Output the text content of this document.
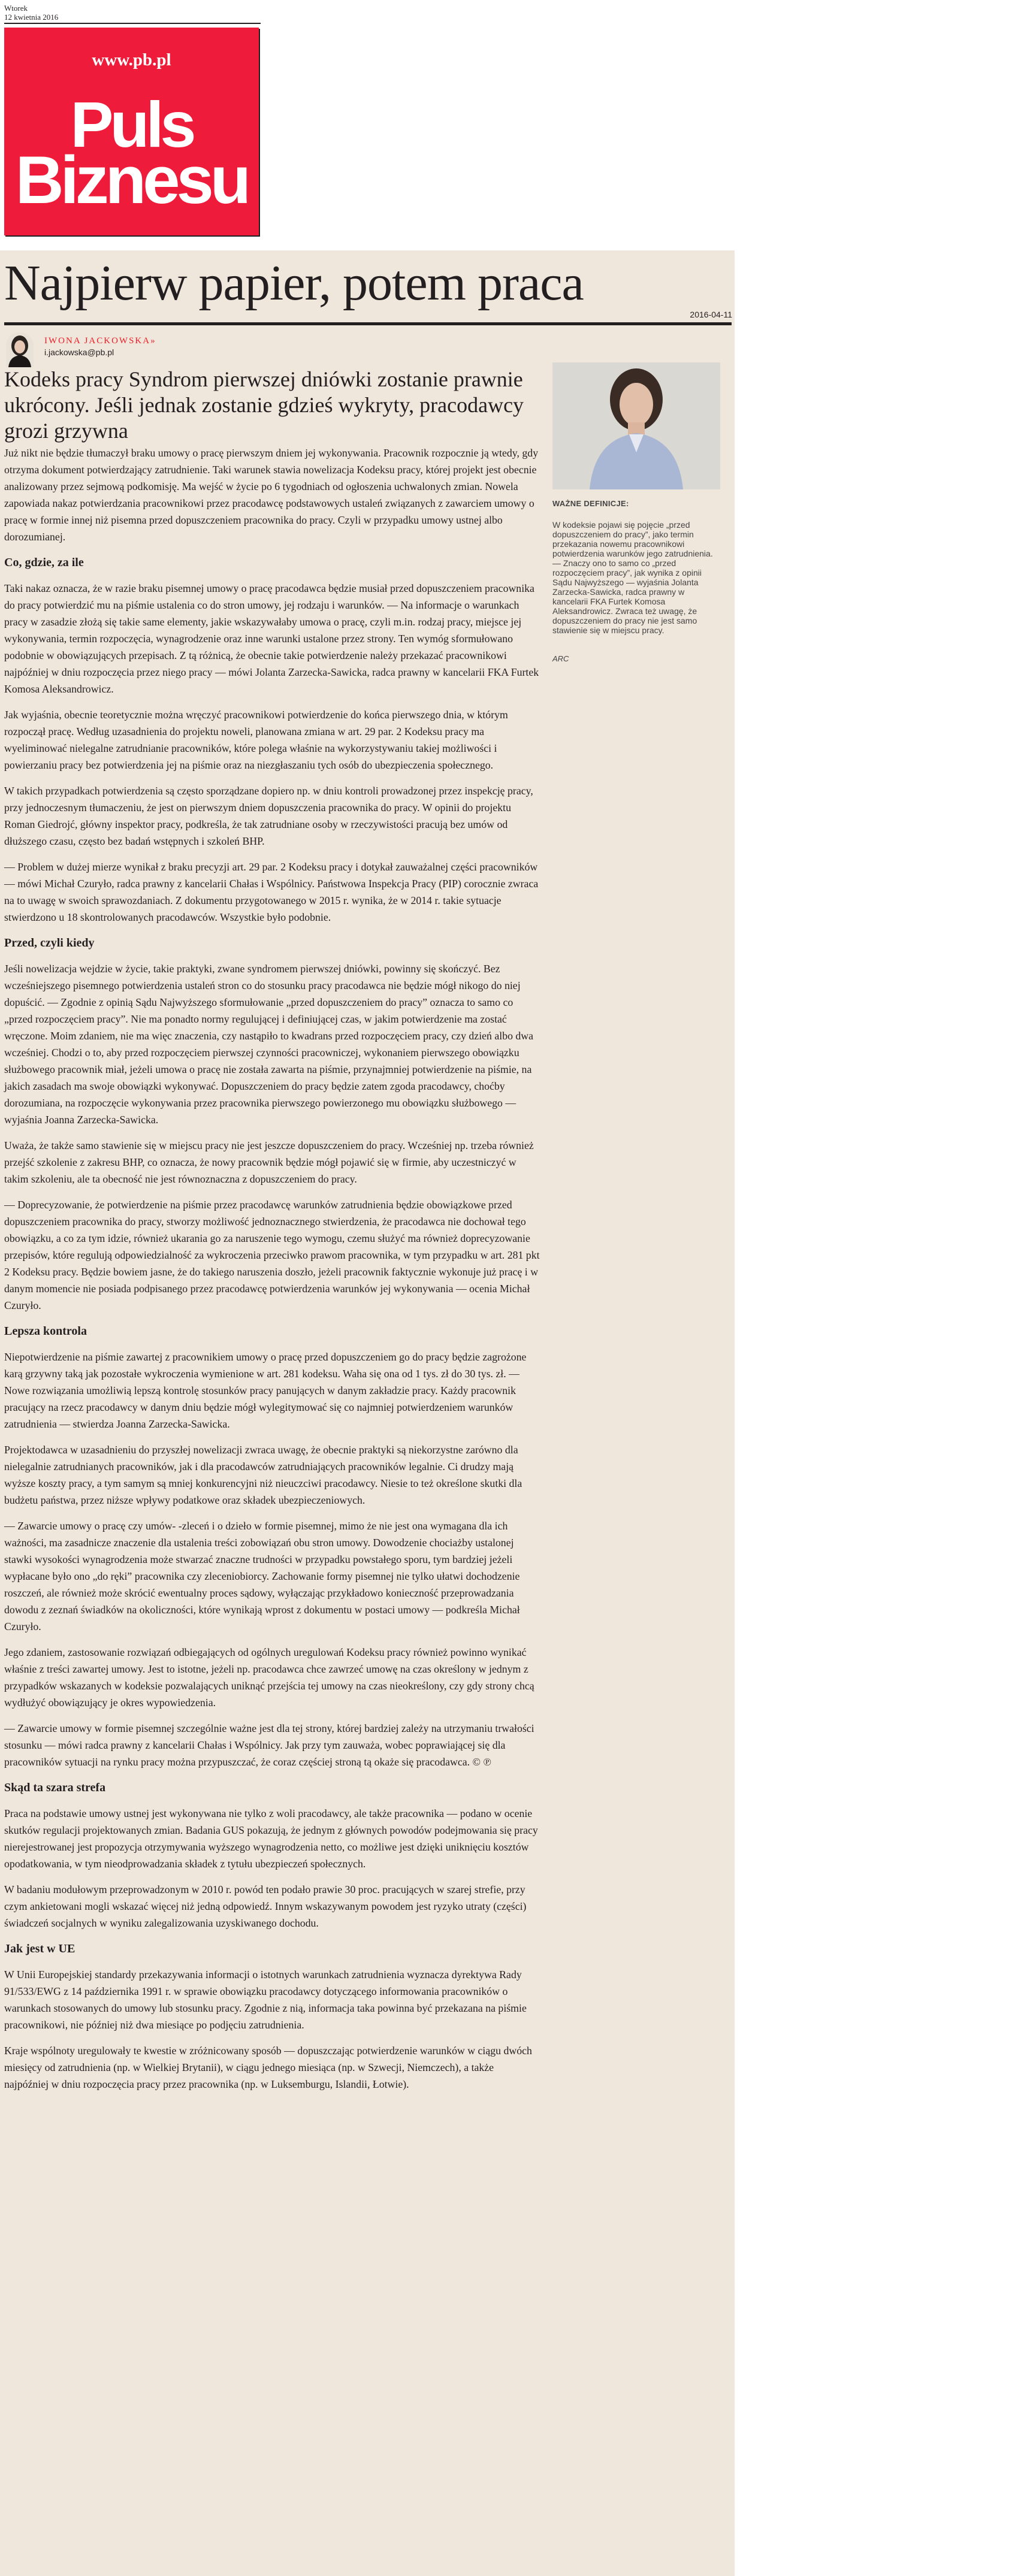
Wtorek
12 kwietnia 2016
www.pb.pl
Puls
Biznesu
Najpierw papier, potem praca
2016-04-11
IWONA JACKOWSKA»
i.jackowska@pb.pl
Kodeks pracy Syndrom pierwszej dniówki zostanie prawnie ukrócony. Jeśli jednak zostanie gdzieś wykryty, pracodawcy grozi grzywna
WAŻNE DEFINICJE:
W kodeksie pojawi się pojęcie „przed dopuszczeniem do pracy”, jako termin przekazania nowemu pracownikowi potwierdzenia warunków jego zatrudnienia. — Znaczy ono to samo co „przed rozpoczęciem pracy”, jak wynika z opinii Sądu Najwyższego — wyjaśnia Jolanta Zarzecka-Sawicka, radca prawny w kancelarii FKA Furtek Komosa Aleksandrowicz. Zwraca też uwagę, że dopuszczeniem do pracy nie jest samo stawienie się w miejscu pracy.
ARC

Już nikt nie będzie tłumaczył braku umowy o pracę pierwszym dniem jej wykonywania. Pracownik rozpocznie ją wtedy, gdy otrzyma dokument potwierdzający zatrudnienie. Taki warunek stawia nowelizacja Kodeksu pracy, której projekt jest obecnie analizowany przez sejmową podkomisję. Ma wejść w życie po 6 tygodniach od ogłoszenia uchwalonych zmian. Nowela zapowiada nakaz potwierdzania pracownikowi przez pracodawcę podstawowych ustaleń związanych z zawarciem umowy o pracę w formie innej niż pisemna przed dopuszczeniem pracownika do pracy. Czyli w przypadku umowy ustnej albo dorozumianej.

Co, gdzie, za ile

Taki nakaz oznacza, że w razie braku pisemnej umowy o pracę pracodawca będzie musiał przed dopuszczeniem pracownika do pracy potwierdzić mu na piśmie ustalenia co do stron umowy, jej rodzaju i warunków. — Na informacje o warunkach pracy w zasadzie złożą się takie same elementy, jakie wskazywałaby umowa o pracę, czyli m.in. rodzaj pracy, miejsce jej wykonywania, termin rozpoczęcia, wynagrodzenie oraz inne warunki ustalone przez strony. Ten wymóg sformułowano podobnie w obowiązujących przepisach. Z tą różnicą, że obecnie takie potwierdzenie należy przekazać pracownikowi najpóźniej w dniu rozpoczęcia przez niego pracy — mówi Jolanta Zarzecka-Sawicka, radca prawny w kancelarii FKA Furtek Komosa Aleksandrowicz.

Jak wyjaśnia, obecnie teoretycznie można wręczyć pracownikowi potwierdzenie do końca pierwszego dnia, w którym rozpoczął pracę. Według uzasadnienia do projektu noweli, planowana zmiana w art. 29 par. 2 Kodeksu pracy ma wyeliminować nielegalne zatrudnianie pracowników, które polega właśnie na wykorzystywaniu takiej możliwości i powierzaniu pracy bez potwierdzenia jej na piśmie oraz na niezgłaszaniu tych osób do ubezpieczenia społecznego.

W takich przypadkach potwierdzenia są często sporządzane dopiero np. w dniu kontroli prowadzonej przez inspekcję pracy, przy jednoczesnym tłumaczeniu, że jest on pierwszym dniem dopuszczenia pracownika do pracy. W opinii do projektu Roman Giedrojć, główny inspektor pracy, podkreśla, że tak zatrudniane osoby w rzeczywistości pracują bez umów od dłuższego czasu, często bez badań wstępnych i szkoleń BHP.

— Problem w dużej mierze wynikał z braku precyzji art. 29 par. 2 Kodeksu pracy i dotykał zauważalnej części pracowników — mówi Michał Czuryło, radca prawny z kancelarii Chałas i Wspólnicy. Państwowa Inspekcja Pracy (PIP) corocznie zwraca na to uwagę w swoich sprawozdaniach. Z dokumentu przygotowanego w 2015 r. wynika, że w 2014 r. takie sytuacje stwierdzono u 18 skontrolowanych pracodawców. Wszystkie było podobnie.

Przed, czyli kiedy

Jeśli nowelizacja wejdzie w życie, takie praktyki, zwane syndromem pierwszej dniówki, powinny się skończyć. Bez wcześniejszego pisemnego potwierdzenia ustaleń stron co do stosunku pracy pracodawca nie będzie mógł nikogo do niej dopuścić. — Zgodnie z opinią Sądu Najwyższego sformułowanie „przed dopuszczeniem do pracy” oznacza to samo co „przed rozpoczęciem pracy”. Nie ma ponadto normy regulującej i definiującej czas, w jakim potwierdzenie ma zostać wręczone. Moim zdaniem, nie ma więc znaczenia, czy nastąpiło to kwadrans przed rozpoczęciem pracy, czy dzień albo dwa wcześniej. Chodzi o to, aby przed rozpoczęciem pierwszej czynności pracowniczej, wykonaniem pierwszego obowiązku służbowego pracownik miał, jeżeli umowa o pracę nie została zawarta na piśmie, przynajmniej potwierdzenie na piśmie, na jakich zasadach ma swoje obowiązki wykonywać. Dopuszczeniem do pracy będzie zatem zgoda pracodawcy, choćby dorozumiana, na rozpoczęcie wykonywania przez pracownika pierwszego powierzonego mu obowiązku służbowego — wyjaśnia Joanna Zarzecka-Sawicka.

Uważa, że także samo stawienie się w miejscu pracy nie jest jeszcze dopuszczeniem do pracy. Wcześniej np. trzeba również przejść szkolenie z zakresu BHP, co oznacza, że nowy pracownik będzie mógł pojawić się w firmie, aby uczestniczyć w takim szkoleniu, ale ta obecność nie jest równoznaczna z dopuszczeniem do pracy.

— Doprecyzowanie, że potwierdzenie na piśmie przez pracodawcę warunków zatrudnienia będzie obowiązkowe przed dopuszczeniem pracownika do pracy, stworzy możliwość jednoznacznego stwierdzenia, że pracodawca nie dochował tego obowiązku, a co za tym idzie, również ukarania go za naruszenie tego wymogu, czemu służyć ma również doprecyzowanie przepisów, które regulują odpowiedzialność za wykroczenia przeciwko prawom pracownika, w tym przypadku w art. 281 pkt 2 Kodeksu pracy. Będzie bowiem jasne, że do takiego naruszenia doszło, jeżeli pracownik faktycznie wykonuje już pracę i w danym momencie nie posiada podpisanego przez pracodawcę potwierdzenia warunków jej wykonywania — ocenia Michał Czuryło.

Lepsza kontrola

Niepotwierdzenie na piśmie zawartej z pracownikiem umowy o pracę przed dopuszczeniem go do pracy będzie zagrożone karą grzywny taką jak pozostałe wykroczenia wymienione w art. 281 kodeksu. Waha się ona od 1 tys. zł do 30 tys. zł. — Nowe rozwiązania umożliwią lepszą kontrolę stosunków pracy panujących w danym zakładzie pracy. Każdy pracownik pracujący na rzecz pracodawcy w danym dniu będzie mógł wylegitymować się co najmniej potwierdzeniem warunków zatrudnienia — stwierdza Joanna Zarzecka-Sawicka.

Projektodawca w uzasadnieniu do przyszłej nowelizacji zwraca uwagę, że obecnie praktyki są niekorzystne zarówno dla nielegalnie zatrudnianych pracowników, jak i dla pracodawców zatrudniających pracowników legalnie. Ci drudzy mają wyższe koszty pracy, a tym samym są mniej konkurencyjni niż nieuczciwi pracodawcy. Niesie to też określone skutki dla budżetu państwa, przez niższe wpływy podatkowe oraz składek ubezpieczeniowych.

— Zawarcie umowy o pracę czy umów- -zleceń i o dzieło w formie pisemnej, mimo że nie jest ona wymagana dla ich ważności, ma zasadnicze znaczenie dla ustalenia treści zobowiązań obu stron umowy. Dowodzenie chociażby ustalonej stawki wysokości wynagrodzenia może stwarzać znaczne trudności w przypadku powstałego sporu, tym bardziej jeżeli wypłacane było ono „do ręki” pracownika czy zleceniobiorcy. Zachowanie formy pisemnej nie tylko ułatwi dochodzenie roszczeń, ale również może skrócić ewentualny proces sądowy, wyłączając przykładowo konieczność przeprowadzania dowodu z zeznań świadków na okoliczności, które wynikają wprost z dokumentu w postaci umowy — podkreśla Michał Czuryło.

Jego zdaniem, zastosowanie rozwiązań odbiegających od ogólnych uregulowań Kodeksu pracy również powinno wynikać właśnie z treści zawartej umowy. Jest to istotne, jeżeli np. pracodawca chce zawrzeć umowę na czas określony w jednym z przypadków wskazanych w kodeksie pozwalających uniknąć przejścia tej umowy na czas nieokreślony, czy gdy strony chcą wydłużyć obowiązujący je okres wypowiedzenia.

— Zawarcie umowy w formie pisemnej szczególnie ważne jest dla tej strony, której bardziej zależy na utrzymaniu trwałości stosunku — mówi radca prawny z kancelarii Chałas i Wspólnicy. Jak przy tym zauważa, wobec poprawiającej się dla pracowników sytuacji na rynku pracy można przypuszczać, że coraz częściej stroną tą okaże się pracodawca. © ℗

Skąd ta szara strefa

Praca na podstawie umowy ustnej jest wykonywana nie tylko z woli pracodawcy, ale także pracownika — podano w ocenie skutków regulacji projektowanych zmian. Badania GUS pokazują, że jednym z głównych powodów podejmowania się pracy nierejestrowanej jest propozycja otrzymywania wyższego wynagrodzenia netto, co możliwe jest dzięki uniknięciu kosztów opodatkowania, w tym nieodprowadzania składek z tytułu ubezpieczeń społecznych.

W badaniu modułowym przeprowadzonym w 2010 r. powód ten podało prawie 30 proc. pracujących w szarej strefie, przy czym ankietowani mogli wskazać więcej niż jedną odpowiedź. Innym wskazywanym powodem jest ryzyko utraty (części) świadczeń socjalnych w wyniku zalegalizowania uzyskiwanego dochodu.

Jak jest w UE

W Unii Europejskiej standardy przekazywania informacji o istotnych warunkach zatrudnienia wyznacza dyrektywa Rady 91/533/EWG z 14 października 1991 r. w sprawie obowiązku pracodawcy dotyczącego informowania pracowników o warunkach stosowanych do umowy lub stosunku pracy. Zgodnie z nią, informacja taka powinna być przekazana na piśmie pracownikowi, nie później niż dwa miesiące po podjęciu zatrudnienia.

Kraje wspólnoty uregulowały te kwestie w zróżnicowany sposób — dopuszczając potwierdzenie warunków w ciągu dwóch miesięcy od zatrudnienia (np. w Wielkiej Brytanii), w ciągu jednego miesiąca (np. w Szwecji, Niemczech), a także najpóźniej w dniu rozpoczęcia pracy przez pracownika (np. w Luksemburgu, Islandii, Łotwie).
